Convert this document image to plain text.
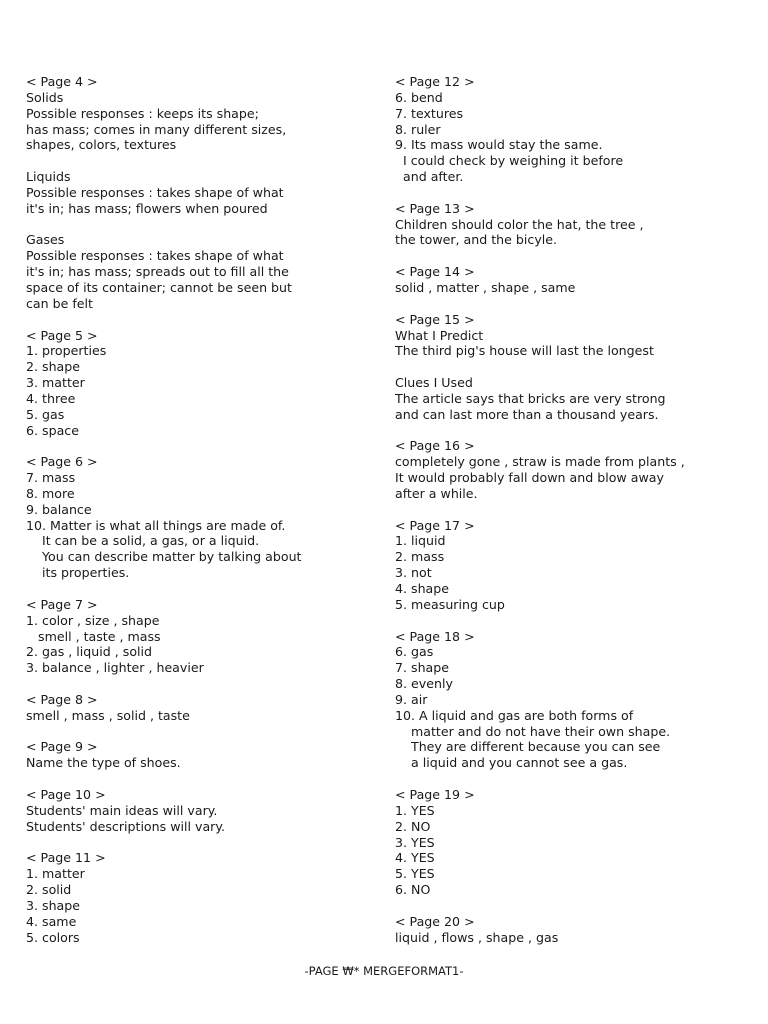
< Page 4 >
Solids
Possible responses : keeps its shape;
has mass; comes in many different sizes,
shapes, colors, textures
Liquids
Possible responses : takes shape of what
it's in; has mass; flowers when poured
Gases
Possible responses : takes shape of what
it's in; has mass; spreads out to fill all the
space of its container; cannot be seen but
can be felt
< Page 5 >
1. properties
2. shape
3. matter
4. three
5. gas
6. space
< Page 6 >
7. mass
8. more
9. balance
10. Matter is what all things are made of.
It can be a solid, a gas, or a liquid.
You can describe matter by talking about
its properties.
< Page 7 >
1. color , size , shape
smell , taste , mass
2. gas , liquid , solid
3. balance , lighter , heavier
< Page 8 >
smell , mass , solid , taste
< Page 9 >
Name the type of shoes.
< Page 10 >
Students' main ideas will vary.
Students' descriptions will vary.
< Page 11 >
1. matter
2. solid
3. shape
4. same
5. colors
< Page 12 >
6. bend
7. textures
8. ruler
9. Its mass would stay the same.
I could check by weighing it before
and after.
< Page 13 >
Children should color the hat, the tree ,
the tower, and the bicyle.
< Page 14 >
solid , matter , shape , same
< Page 15 >
What I Predict
The third pig's house will last the longest
Clues I Used
The article says that bricks are very strong
and can last more than a thousand years.
< Page 16 >
completely gone , straw is made from plants ,
It would probably fall down and blow away
after a while.
< Page 17 >
1. liquid
2. mass
3. not
4. shape
5. measuring cup
< Page 18 >
6. gas
7. shape
8. evenly
9. air
10. A liquid and gas are both forms of
matter and do not have their own shape.
They are different because you can see
a liquid and you cannot see a gas.
< Page 19 >
1. YES
2. NO
3. YES
4. YES
5. YES
6. NO
< Page 20 >
liquid , flows , shape , gas
-PAGE ₩* MERGEFORMAT1-
